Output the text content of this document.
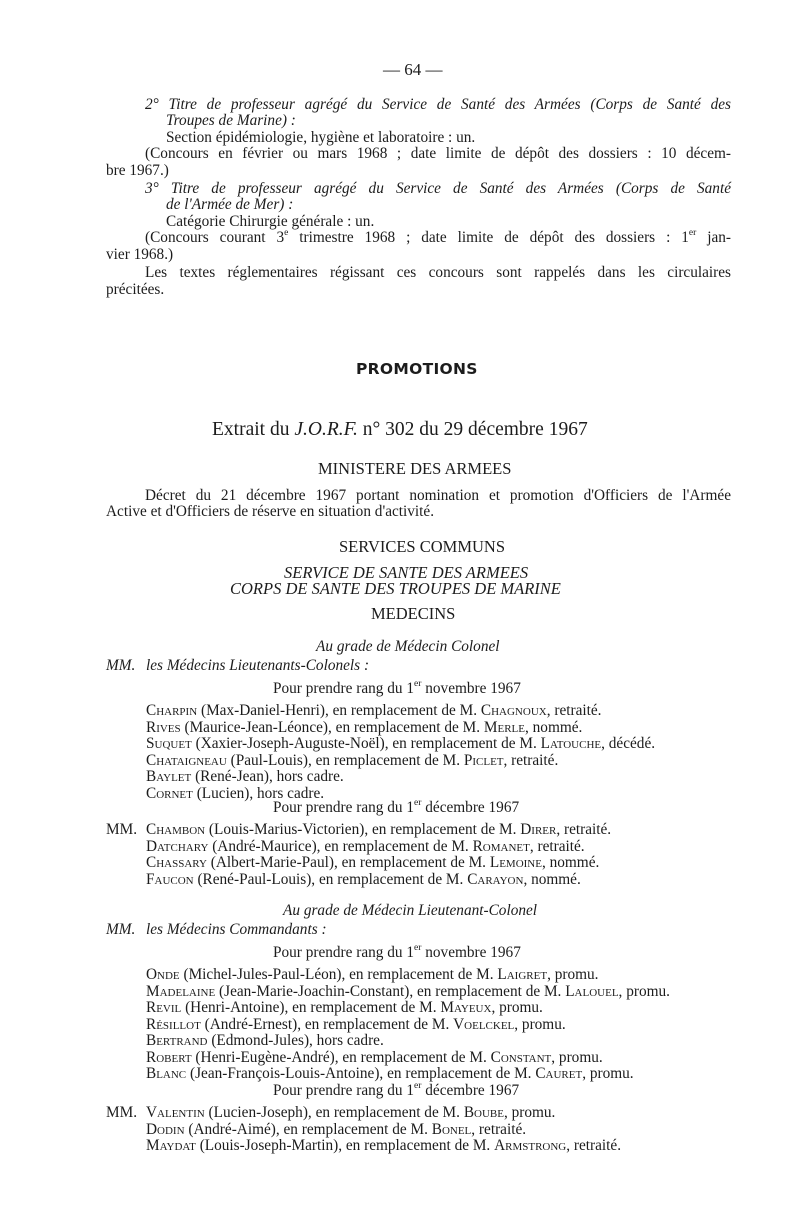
— 64 —
2° Titre de professeur agrégé du Service de Santé des Armées (Corps de Santé des
Troupes de Marine) :
Section épidémiologie, hygiène et laboratoire : un.
(Concours en février ou mars 1968 ; date limite de dépôt des dossiers : 10 décem-
bre 1967.)
3° Titre de professeur agrégé du Service de Santé des Armées (Corps de Santé
de l'Armée de Mer) :
Catégorie Chirurgie générale : un.
(Concours courant 3e trimestre 1968 ; date limite de dépôt des dossiers : 1er jan-
vier 1968.)
Les textes réglementaires régissant ces concours sont rappelés dans les circulaires
précitées.
PROMOTIONS
Extrait du J.O.R.F. n° 302 du 29 décembre 1967
MINISTERE DES ARMEES
Décret du 21 décembre 1967 portant nomination et promotion d'Officiers de l'Armée
Active et d'Officiers de réserve en situation d'activité.
SERVICES COMMUNS
SERVICE DE SANTE DES ARMEES
CORPS DE SANTE DES TROUPES DE MARINE
MEDECINS
Au grade de Médecin Colonel
MM. les Médecins Lieutenants-Colonels :
Pour prendre rang du 1er novembre 1967
Charpin (Max-Daniel-Henri), en remplacement de M. Chagnoux, retraité.
Rives (Maurice-Jean-Léonce), en remplacement de M. Merle, nommé.
Suquet (Xaxier-Joseph-Auguste-Noël), en remplacement de M. Latouche, décédé.
Chataigneau (Paul-Louis), en remplacement de M. Piclet, retraité.
Baylet (René-Jean), hors cadre.
Cornet (Lucien), hors cadre.
Pour prendre rang du 1er décembre 1967
MM. Chambon (Louis-Marius-Victorien), en remplacement de M. Direr, retraité.
Datchary (André-Maurice), en remplacement de M. Romanet, retraité.
Chassary (Albert-Marie-Paul), en remplacement de M. Lemoine, nommé.
Faucon (René-Paul-Louis), en remplacement de M. Carayon, nommé.
Au grade de Médecin Lieutenant-Colonel
MM. les Médecins Commandants :
Pour prendre rang du 1er novembre 1967
Onde (Michel-Jules-Paul-Léon), en remplacement de M. Laigret, promu.
Madelaine (Jean-Marie-Joachin-Constant), en remplacement de M. Lalouel, promu.
Revil (Henri-Antoine), en remplacement de M. Mayeux, promu.
Résillot (André-Ernest), en remplacement de M. Voelckel, promu.
Bertrand (Edmond-Jules), hors cadre.
Robert (Henri-Eugène-André), en remplacement de M. Constant, promu.
Blanc (Jean-François-Louis-Antoine), en remplacement de M. Cauret, promu.
Pour prendre rang du 1er décembre 1967
MM. Valentin (Lucien-Joseph), en remplacement de M. Boube, promu.
Dodin (André-Aimé), en remplacement de M. Bonel, retraité.
Maydat (Louis-Joseph-Martin), en remplacement de M. Armstrong, retraité.
